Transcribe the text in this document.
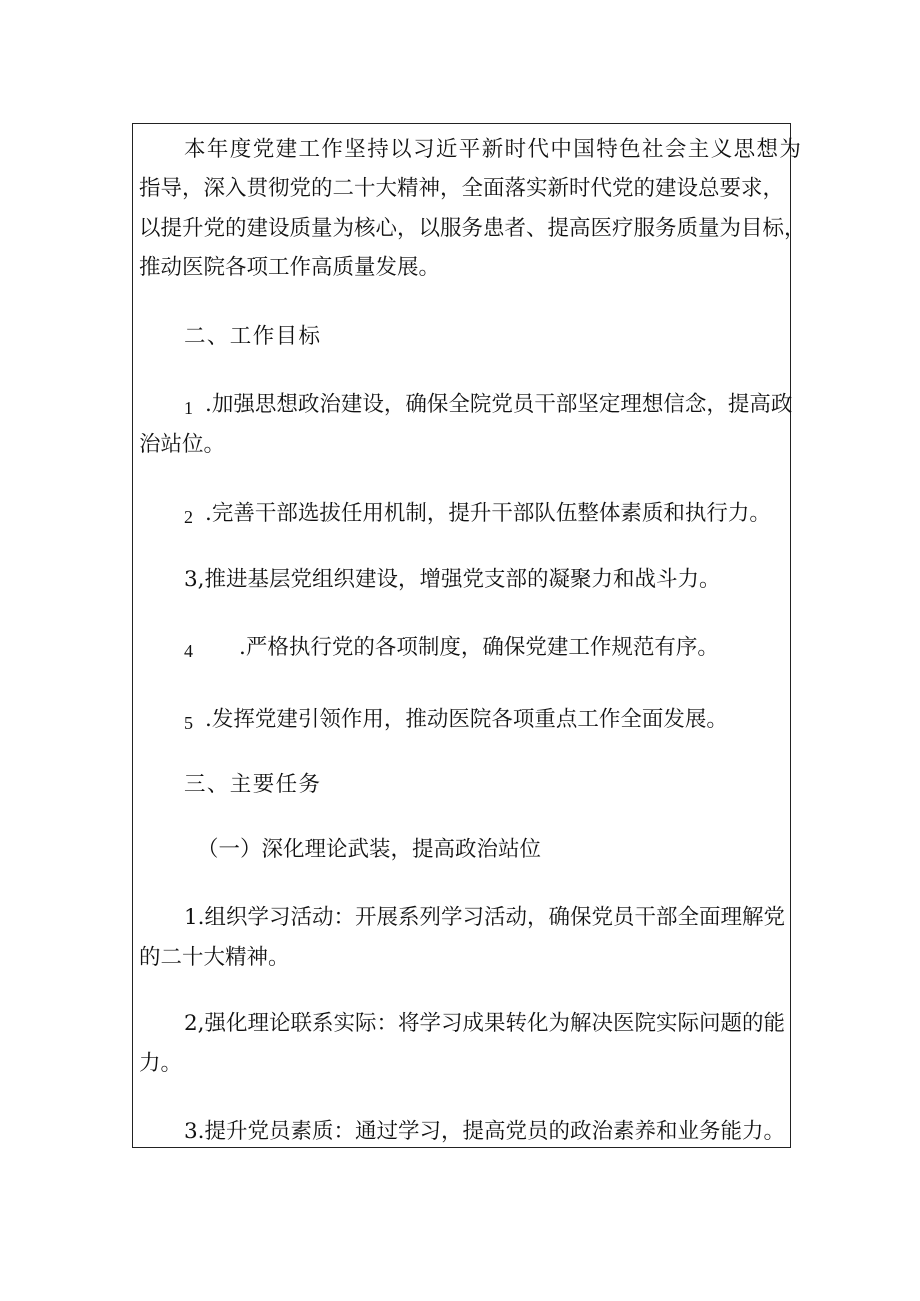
本年度党建工作坚持以习近平新时代中国特色社会主义思想为
指导，深入贯彻党的二十大精神，全面落实新时代党的建设总要求，
以提升党的建设质量为核心，以服务患者、提高医疗服务质量为目标，
推动医院各项工作高质量发展。
二、工作目标
1 .加强思想政治建设，确保全院党员干部坚定理想信念，提高政
治站位。
2 .完善干部选拔任用机制，提升干部队伍整体素质和执行力。
3,推进基层党组织建设，增强党支部的凝聚力和战斗力。
4 .严格执行党的各项制度，确保党建工作规范有序。
5 .发挥党建引领作用，推动医院各项重点工作全面发展。
三、主要任务
（一）深化理论武装，提高政治站位
1.组织学习活动：开展系列学习活动，确保党员干部全面理解党
的二十大精神。
2,强化理论联系实际：将学习成果转化为解决医院实际问题的能
力。
3.提升党员素质：通过学习，提高党员的政治素养和业务能力。
